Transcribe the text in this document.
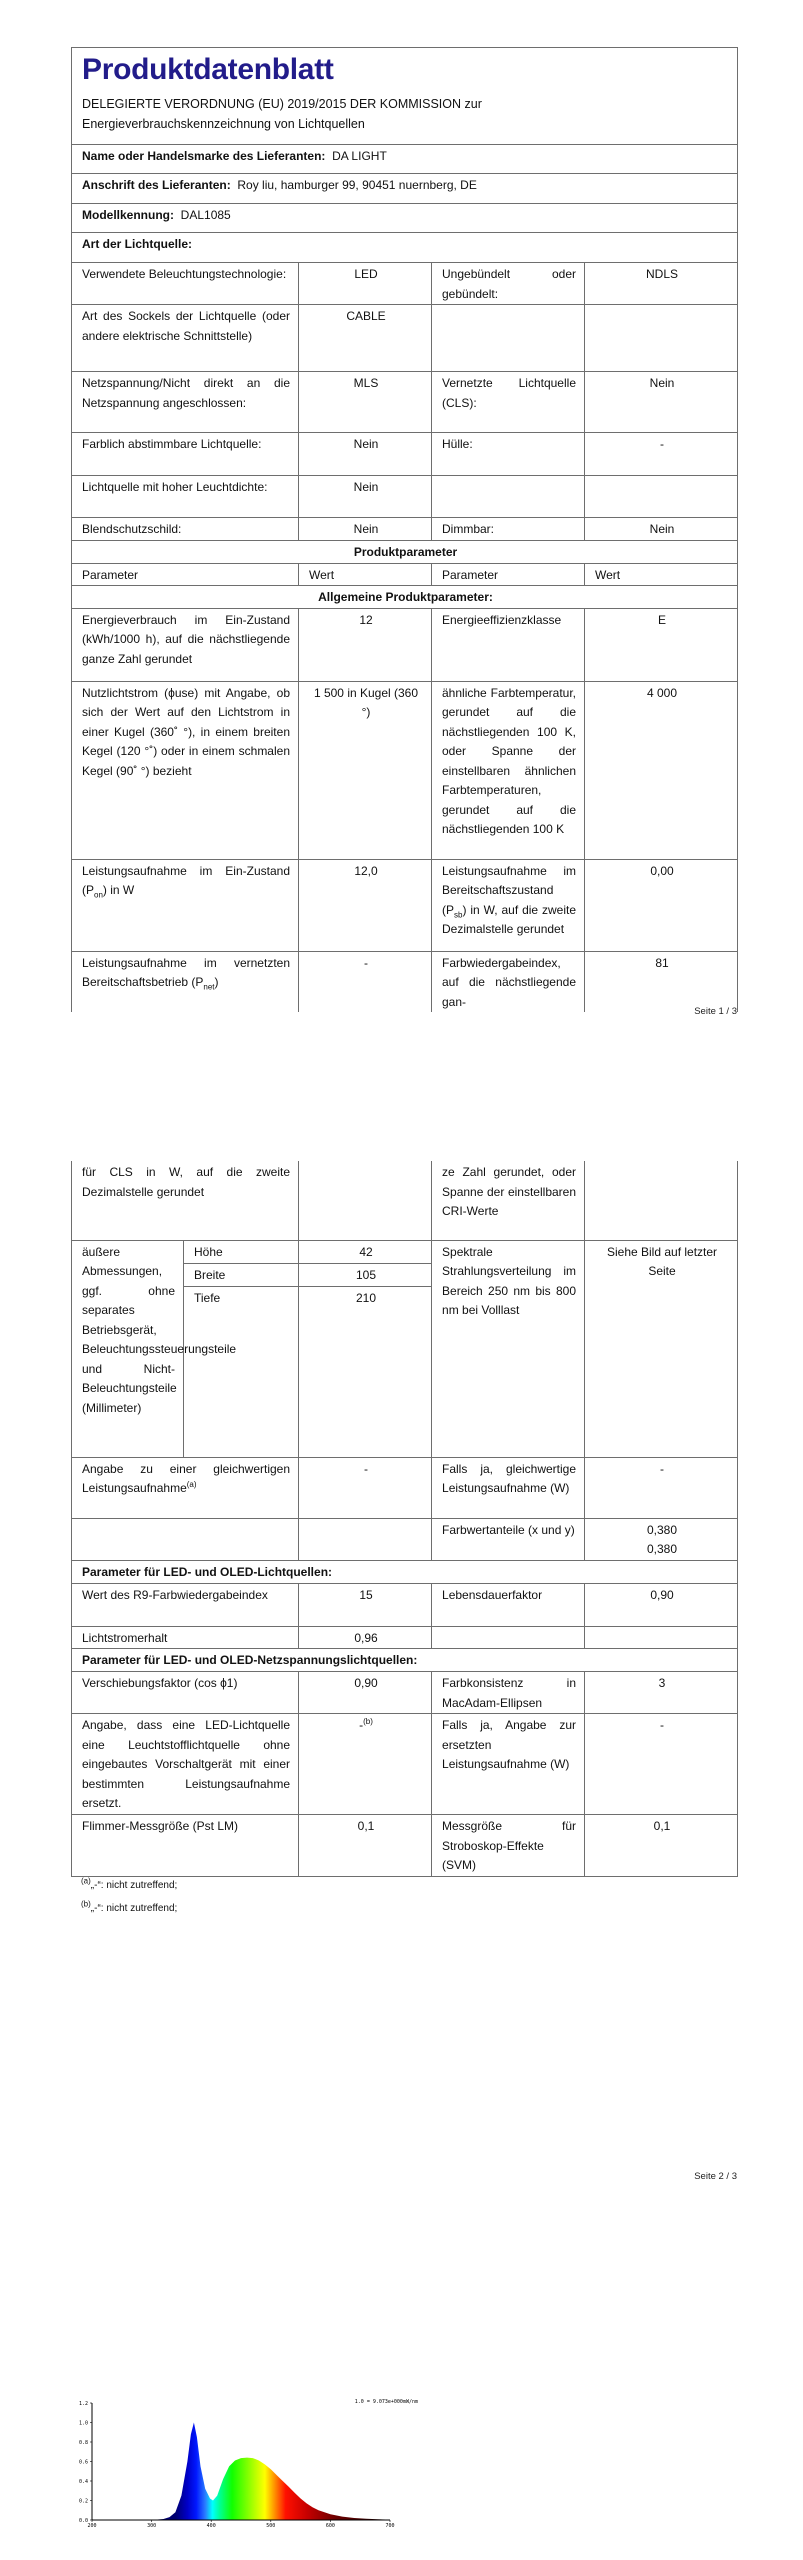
Produktdatenblatt
DELEGIERTE VERORDNUNG (EU) 2019/2015 DER KOMMISSION zur Energieverbrauchskennzeichnung von Lichtquellen			

Name oder Handelsmarke des Lieferanten: DA LIGHT			
Anschrift des Lieferanten: Roy liu, hamburger 99, 90451 nuernberg, DE			
Modellkennung: DAL1085			
Art der Lichtquelle:			
Verwendete Beleuchtungstechnologie:	LED	Ungebündelt oder gebündelt:	NDLS
Art des Sockels der Lichtquelle (oder andere elektrische Schnittstelle)	CABLE		
Netzspannung/Nicht direkt an die Netzspannung angeschlossen:	MLS	Vernetzte Lichtquelle (CLS):	Nein
Farblich abstimmbare Lichtquelle:	Nein	Hülle:	-
Lichtquelle mit hoher Leuchtdichte:	Nein		
Blendschutzschild:	Nein	Dimmbar:	Nein
Produktparameter			
Parameter	Wert	Parameter	Wert
Allgemeine Produktparameter:			
Energieverbrauch im Ein-Zustand (kWh/1000 h), auf die nächstliegende ganze Zahl gerundet	12	Energieeffizienzklasse	E
Nutzlichtstrom (ϕuse) mit Angabe, ob sich der Wert auf den Lichtstrom in einer Kugel (360˚ °), in einem breiten Kegel (120 °˚) oder in einem schmalen Kegel (90˚ °) bezieht	1 500 in Kugel (360 °)	ähnliche Farbtemperatur, gerundet auf die nächstliegenden 100 K, oder Spanne der einstellbaren ähnlichen Farbtemperaturen, gerundet auf die nächstliegenden 100 K	4 000
Leistungsaufnahme im Ein-Zustand $(P_{on})$ in W	12,0	Leistungsaufnahme im Bereitschaftszustand $(P_{sb})$ in W, auf die zweite Dezimalstelle gerundet	0,00
Leistungsaufnahme im vernetzten Bereitschaftsbetrieb $(P_{net})$	-	Farbwiedergabeindex, auf die nächstliegende gan-	81
Seite 1 / 3
für CLS in W, auf die zweite Dezimalstelle gerundet			ze Zahl gerundet, oder Spanne der einstellbaren CRI-Werte	
äußere Abmessungen, ggf. ohne separates Betriebsgerät, Beleuchtungssteuerungsteile und Nicht-Beleuchtungsteile (Millimeter)	Höhe	42	Spektrale Strahlungsverteilung im Bereich 250 nm bis 800 nm bei Volllast	Siehe Bild auf letzter Seite
	Breite	105		
	Tiefe	210		
Angabe zu einer gleichwertigen Leistungsaufnahme$^{(a)}$		-	Falls ja, gleichwertige Leistungsaufnahme (W)	-
			Farbwertanteile (x und y)	0,380
0,380
Parameter für LED- und OLED-Lichtquellen:				
Wert des R9-Farbwiedergabeindex		15	Lebensdauerfaktor	0,90
Lichtstromerhalt		0,96		
Parameter für LED- und OLED-Netzspannungslichtquellen:				
Verschiebungsfaktor (cos ϕ1)		0,90	Farbkonsistenz in MacAdam-Ellipsen	3
Angabe, dass eine LED-Lichtquelle eine Leuchtstofflichtquelle ohne eingebautes Vorschaltgerät mit einer bestimmten Leistungsaufnahme ersetzt.		-$^{(b)}$	Falls ja, Angabe zur ersetzten Leistungsaufnahme (W)	-
Flimmer-Messgröße (Pst LM)		0,1	Messgröße für Stroboskop-Effekte (SVM)	0,1
$^{(a)}$„-“: nicht zutreffend;
$^{(b)}$„-“: nicht zutreffend;
Seite 2 / 3
0.0
0.2
0.4
0.6
0.8
1.0
1.2
200	300	400	500	600	700
1.0 = 9.073e+000mW/nm
